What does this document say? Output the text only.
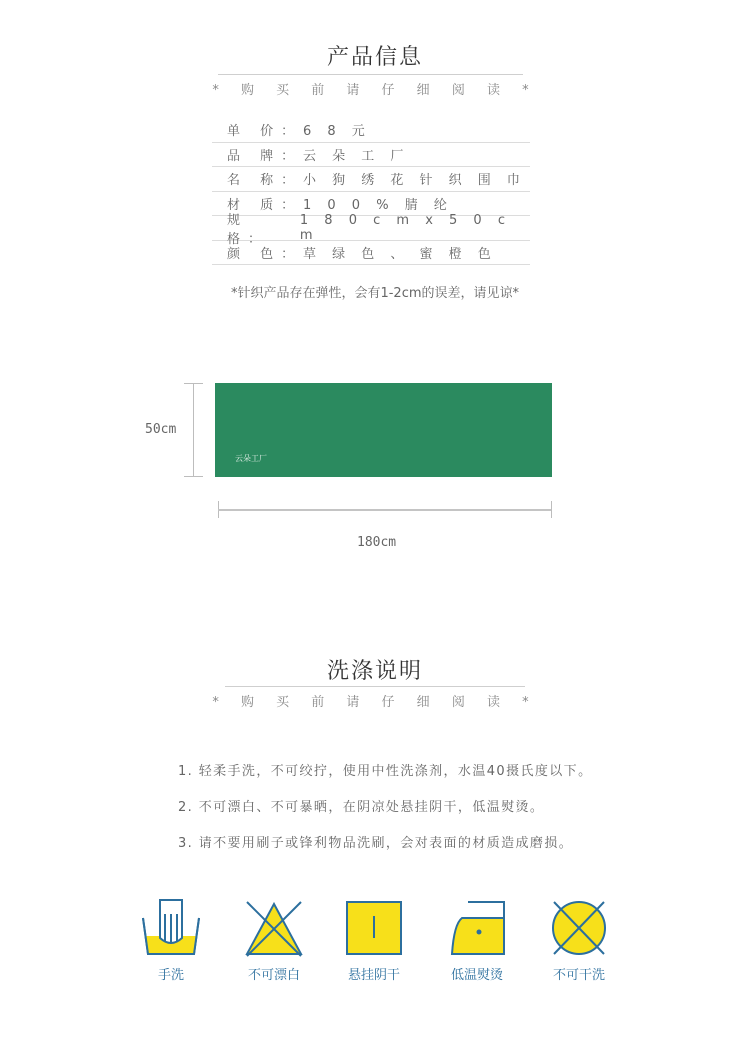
产品信息
* 购 买 前 请 仔 细 阅 读 *
单 价： 6 8 元
品 牌： 云 朵 工 厂
名 称： 小 狗 绣 花 针 织 围 巾
材 质： 1 0 0 % 腈 纶
规 格：
1 8 0 c m x 5 0 c m
颜 色： 草 绿 色 、 蜜 橙 色
*针织产品存在弹性，会有1-2cm的误差，请见谅*
50cm
云朵工厂
180cm
洗涤说明
* 购 买 前 请 仔 细 阅 读 *
1. 轻柔手洗，不可绞拧，使用中性洗涤剂，水温40摄氏度以下。
2. 不可漂白、不可暴晒，在阴凉处悬挂阴干，低温熨烫。
3. 请不要用刷子或锋利物品洗刷，会对表面的材质造成磨损。
手洗	不可漂白	悬挂阴干	低温熨烫	不可干洗
